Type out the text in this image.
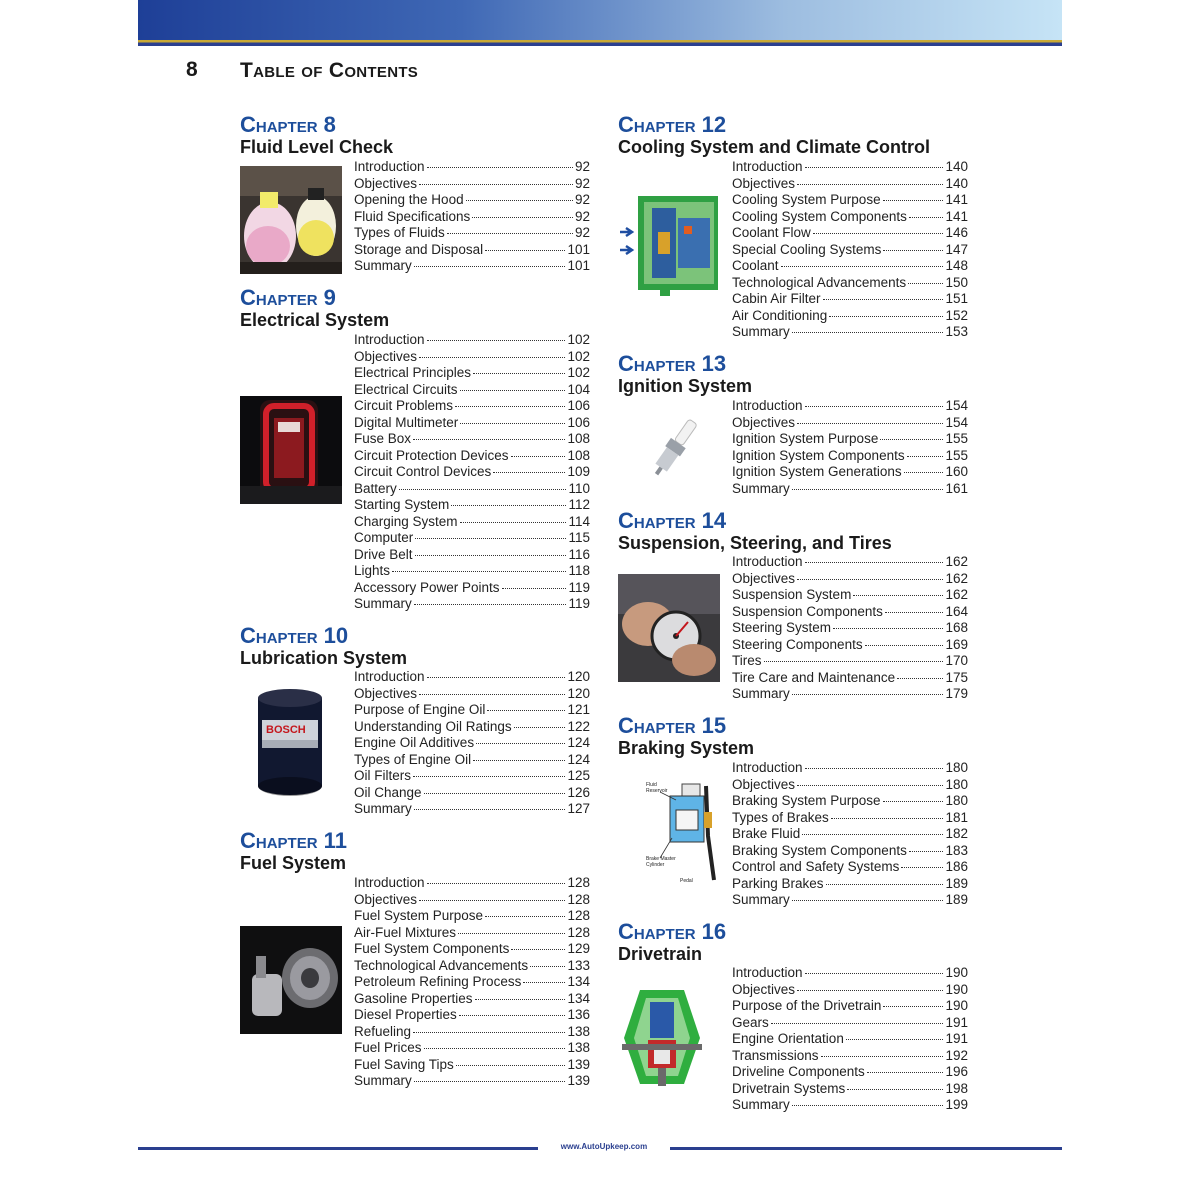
8 Table of Contents
Chapter 8
Fluid Level Check
Introduction	92
Objectives	92
Opening the Hood	92
Fluid Specifications	92
Types of Fluids	92
Storage and Disposal	101
Summary	101
Chapter 9
Electrical System
Introduction	102
Objectives	102
Electrical Principles	102
Electrical Circuits	104
Circuit Problems	106
Digital Multimeter	106
Fuse Box	108
Circuit Protection Devices	108
Circuit Control Devices	109
Battery	110
Starting System	112
Charging System	114
Computer	115
Drive Belt	116
Lights	118
Accessory Power Points	119
Summary	119
Chapter 10
Lubrication System
Introduction	120
Objectives	120
Purpose of Engine Oil	121
Understanding Oil Ratings	122
Engine Oil Additives	124
Types of Engine Oil	124
Oil Filters	125
Oil Change	126
Summary	127
BOSCH
Chapter 11
Fuel System
Introduction	128
Objectives	128
Fuel System Purpose	128
Air-Fuel Mixtures	128
Fuel System Components	129
Technological Advancements	133
Petroleum Refining Process	134
Gasoline Properties	134
Diesel Properties	136
Refueling	138
Fuel Prices	138
Fuel Saving Tips	139
Summary	139
Chapter 12
Cooling System and Climate Control
Introduction	140
Objectives	140
Cooling System Purpose	141
Cooling System Components	141
Coolant Flow	146
Special Cooling Systems	147
Coolant	148
Technological Advancements	150
Cabin Air Filter	151
Air Conditioning	152
Summary	153
Chapter 13
Ignition System
Introduction	154
Objectives	154
Ignition System Purpose	155
Ignition System Components	155
Ignition System Generations	160
Summary	161
Chapter 14
Suspension, Steering, and Tires
Introduction	162
Objectives	162
Suspension System	162
Suspension Components	164
Steering System	168
Steering Components	169
Tires	170
Tire Care and Maintenance	175
Summary	179
Chapter 15
Braking System
Introduction	180
Objectives	180
Braking System Purpose	180
Types of Brakes	181
Brake Fluid	182
Braking System Components	183
Control and Safety Systems	186
Parking Brakes	189
Summary	189
Fluid Reservoir
Brake Master Cylinder
Pedal
Chapter 16
Drivetrain
Introduction	190
Objectives	190
Purpose of the Drivetrain	190
Gears	191
Engine Orientation	191
Transmissions	192
Driveline Components	196
Drivetrain Systems	198
Summary	199
www.AutoUpkeep.com
